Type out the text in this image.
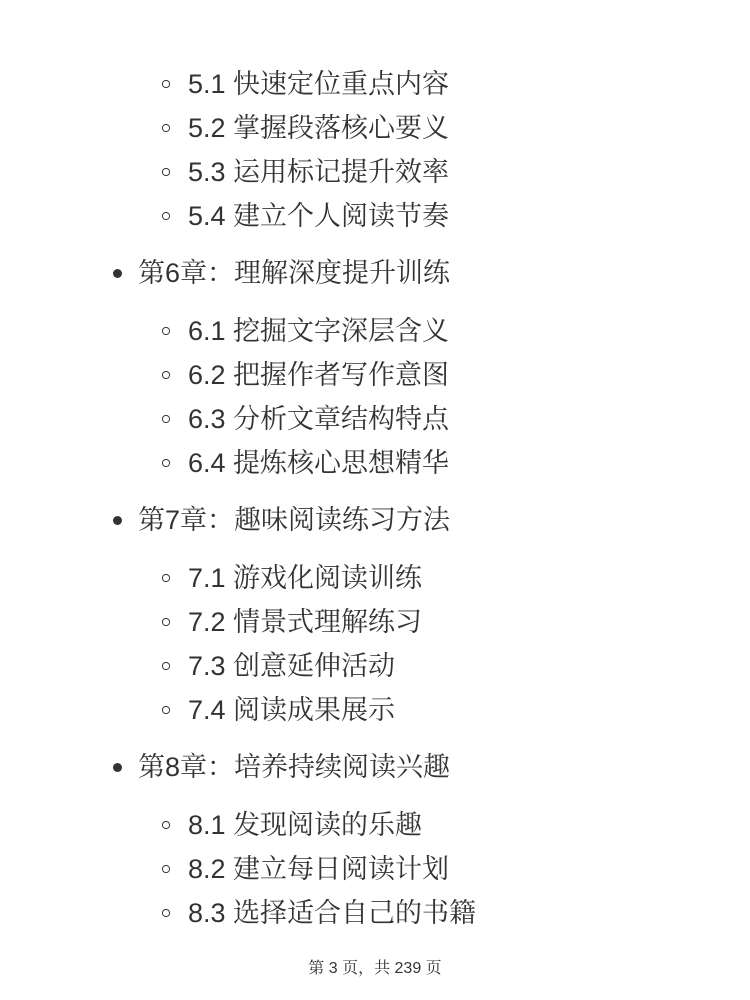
5.1 快速定位重点内容
5.2 掌握段落核心要义
5.3 运用标记提升效率
5.4 建立个人阅读节奏
第6章：理解深度提升训练
6.1 挖掘文字深层含义
6.2 把握作者写作意图
6.3 分析文章结构特点
6.4 提炼核心思想精华
第7章：趣味阅读练习方法
7.1 游戏化阅读训练
7.2 情景式理解练习
7.3 创意延伸活动
7.4 阅读成果展示
第8章：培养持续阅读兴趣
8.1 发现阅读的乐趣
8.2 建立每日阅读计划
8.3 选择适合自己的书籍
第 3 页，共 239 页
